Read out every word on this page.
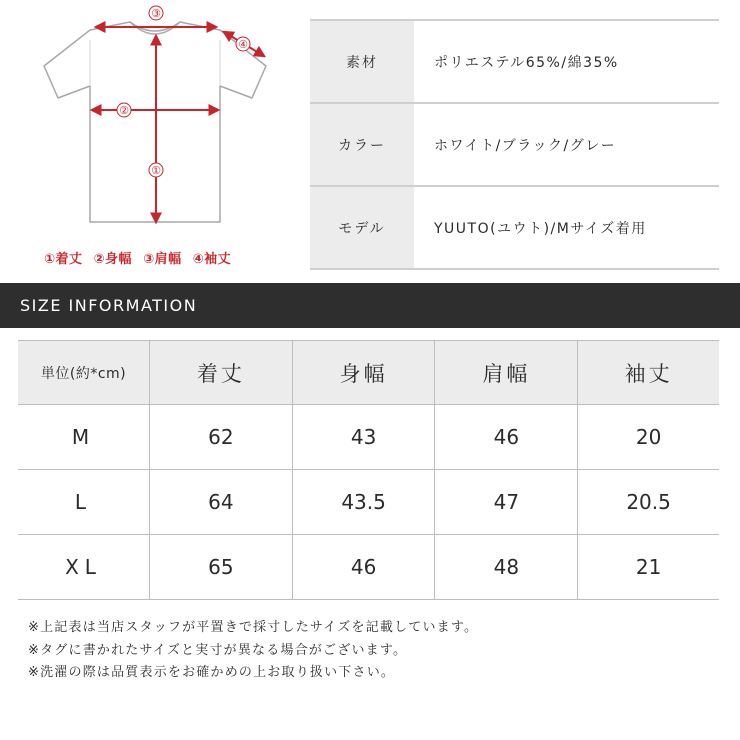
③
④
②
①
①着丈 ②身幅 ③肩幅 ④袖丈
素材	ポリエステル65%/綿35%
カラー	ホワイト/ブラック/グレー
モデル	YUUTO(ユウト)/Mサイズ着用
SIZE INFORMATION
単位(約*cm)	着丈	身幅	肩幅	袖丈
M	62	43	46	20
L	64	43.5	47	20.5
XL	65	46	48	21
※上記表は当店スタッフが平置きで採寸したサイズを記載しています。
※タグに書かれたサイズと実寸が異なる場合がございます。
※洗濯の際は品質表示をお確かめの上お取り扱い下さい。
